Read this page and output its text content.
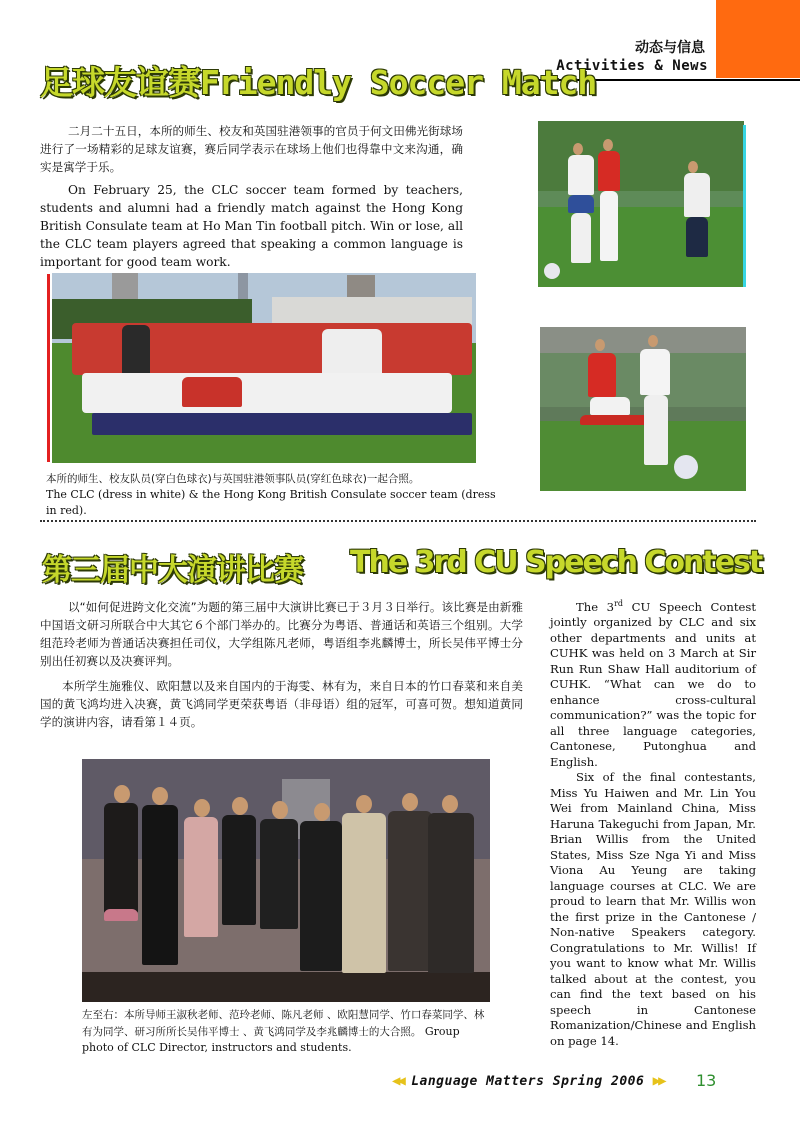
动态与信息
Activities & News
足球友谊赛Friendly Soccer Match
二月二十五日，本所的师生、校友和英国驻港领事的官员于何文田佛光街球场进行了一场精彩的足球友谊赛，赛后同学表示在球场上他们也得靠中文来沟通，确实是寓学于乐。
On February 25, the CLC soccer team formed by teachers, students and alumni had a friendly match against the Hong Kong British Consulate team at Ho Man Tin football pitch. Win or lose, all the CLC team players agreed that speaking a common language is important for good team work.
本所的师生、校友队员(穿白色球衣)与英国驻港领事队员(穿红色球衣)一起合照。
The CLC (dress in white) & the Hong Kong British Consulate soccer team (dress in red).
第三届中大演讲比赛 The 3rd CU Speech Contest
以“如何促进跨文化交流”为题的第三届中大演讲比赛已于３月３日举行。该比赛是由新雅中国语文研习所联合中大其它６个部门举办的。比赛分为粤语、普通话和英语三个组别。大学组范玲老师为普通话决赛担任司仪，大学组陈凡老师，粤语组李兆麟博士，所长吴伟平博士分别出任初赛以及决赛评判。
本所学生施雅仪、欧阳慧以及来自国内的于海雯、林有为，来自日本的竹口春菜和来自美国的黄飞鸿均进入决赛，黄飞鸿同学更荣获粤语（非母语）组的冠军，可喜可贺。想知道黄同学的演讲内容，请看第１４页。

The 3rd CU Speech Contest jointly organized by CLC and six other departments and units at CUHK was held on 3 March at Sir Run Run Shaw Hall auditorium of CUHK. “What can we do to enhance cross-cultural communication?” was the topic for all three language categories, Cantonese, Putonghua and English.

Six of the final contestants, Miss Yu Haiwen and Mr. Lin You Wei from Mainland China, Miss Haruna Takeguchi from Japan, Mr. Brian Willis from the United States, Miss Sze Nga Yi and Miss Viona Au Yeung are taking language courses at CLC. We are proud to learn that Mr. Willis won the first prize in the Cantonese / Non-native Speakers category. Congratulations to Mr. Willis! If you want to know what Mr. Willis talked about at the contest, you can find the text based on his speech in Cantonese Romanization/Chinese and English on page 14.

左至右：本所导师王淑秋老师、范玲老师、陈凡老师 、欧阳慧同学、竹口春菜同学、林有为同学、研习所所长吴伟平博士 、黄飞鸿同学及李兆麟博士的大合照。 Group photo of CLC Director, instructors and students.
◀◀ Language Matters Spring 2006 ▶▶ 13
